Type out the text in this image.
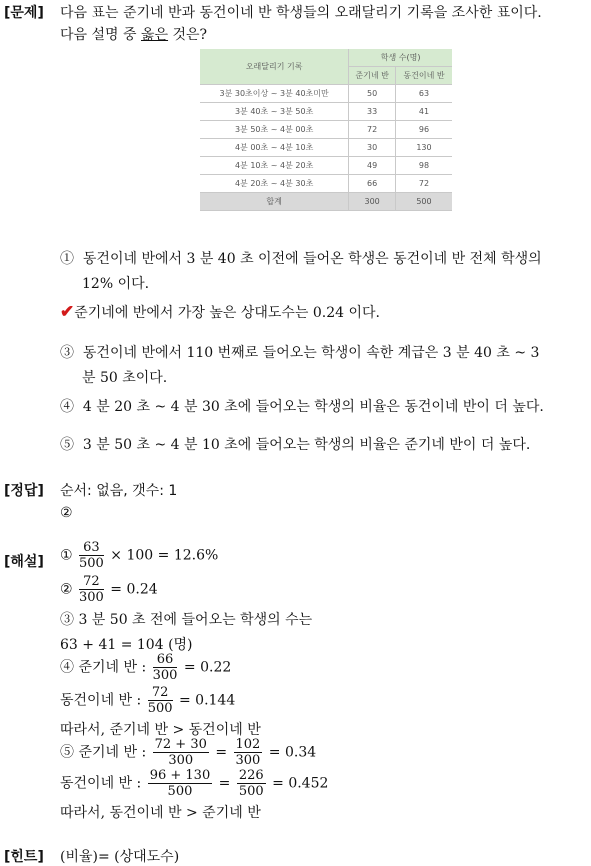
[문제] 다음 표는 준기네 반과 동건이네 반 학생들의 오래달리기 기록을 조사한 표이다.
다음 설명 중 옳은 것은?
오래달리기 기록	학생 수(명)	
	준기네 반	동건이네 반
3분 30초이상 ~ 3분 40초미만	50	63
3분 40초 ~ 3분 50초	33	41
3분 50초 ~ 4분 00초	72	96
4분 00초 ~ 4분 10초	30	130
4분 10초 ~ 4분 20초	49	98
4분 20초 ~ 4분 30초	66	72
합계	300	500
① 동건이네 반에서 3 분 40 초 이전에 들어온 학생은 동건이네 반 전체 학생의
12% 이다.
✔준기네에 반에서 가장 높은 상대도수는 0.24 이다.
③ 동건이네 반에서 110 번째로 들어오는 학생이 속한 계급은 3 분 40 초 ~ 3
분 50 초이다.
④ 4 분 20 초 ~ 4 분 30 초에 들어오는 학생의 비율은 동건이네 반이 더 높다.
⑤ 3 분 50 초 ~ 4 분 10 초에 들어오는 학생의 비율은 준기네 반이 더 높다.
[정답] 순서: 없음, 갯수: 1
②
[해설] ① $\frac{63}{500} \times 100 = 12.6\%$
② $\frac{72}{300} = 0.24$
③ 3 분 50 초 전에 들어오는 학생의 수는
63 + 41 = 104 (명)
④ 준기네 반 : $\frac{66}{300} = 0.22$
동건이네 반 : $\frac{72}{500} = 0.144$
따라서, 준기네 반 > 동건이네 반
⑤ 준기네 반 : $\frac{72 + 30}{300} = \frac{102}{300} = 0.34$
동건이네 반 : $\frac{96 + 130}{500} = \frac{226}{500} = 0.452$
따라서, 동건이네 반 > 준기네 반
[힌트] (비율)= (상대도수)
